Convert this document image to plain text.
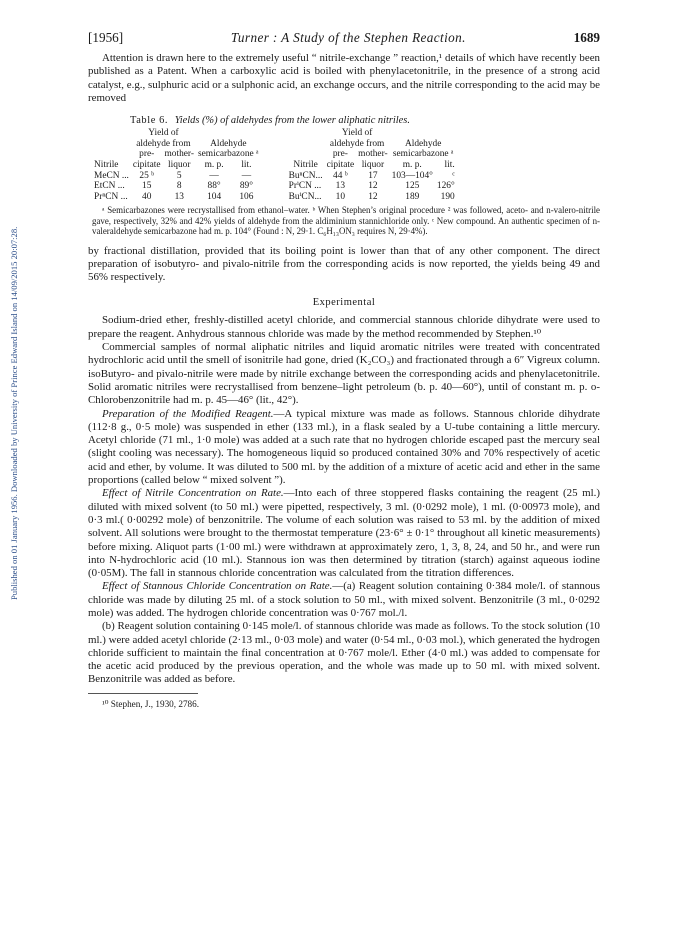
Published on 01 January 1956. Downloaded by University of Prince Edward Island on 14/09/2015 20:07:28.
[1956]	Turner : A Study of the Stephen Reaction.	1689

Attention is drawn here to the extremely useful “ nitrile-exchange ” reaction,¹ details of which have recently been published as a Patent. When a carboxylic acid is boiled with phenylacetonitrile, in the presence of a strong acid catalyst, e.g., sulphuric acid or a sulphonic acid, an exchange occurs, and the nitrile corresponding to the acid may be removed

Table 6. Yields (%) of aldehydes from the lower aliphatic nitriles.
	Yield of						Yield of			
	aldehyde from		Aldehyde				aldehyde from		Aldehyde	
	pre-	mother-	semicarbazone ᵃ				pre-	mother-	semicarbazone ᵃ	
Nitrile	cipitate	liquor	m. p.	lit.		Nitrile	cipitate	liquor	m. p.	lit.
MeCN ...	25 ᵇ	5	—	—		BuⁿCN...	44 ᵇ	17	103—104°	ᶜ
EtCN ...	15	8	88°	89°		PrⁱCN ...	13	12	125	126°
PrⁿCN ...	40	13	104	106		BuⁱCN...	10	12	189	190
ᵃ Semicarbazones were recrystallised from ethanol–water. ᵇ When Stephen’s original procedure ² was followed, aceto- and n-valero-nitrile gave, respectively, 32% and 42% yields of aldehyde from the aldiminium stannichloride only. ᶜ New compound. An authentic specimen of n-valeraldehyde semicarbazone had m. p. 104° (Found : N, 29·1. C₆H₁₃ON₃ requires N, 29·4%).

by fractional distillation, provided that its boiling point is lower than that of any other component. The direct preparation of isobutyro- and pivalo-nitrile from the corresponding acids is now reported, the yields being 49 and 56% respectively.

Experimental

Sodium-dried ether, freshly-distilled acetyl chloride, and commercial stannous chloride dihydrate were used to prepare the reagent. Anhydrous stannous chloride was made by the method recommended by Stephen.¹⁰

Commercial samples of normal aliphatic nitriles and liquid aromatic nitriles were treated with concentrated hydrochloric acid until the smell of isonitrile had gone, dried (K₂CO₃) and fractionated through a 6″ Vigreux column. isoButyro- and pivalo-nitrile were made by nitrile exchange between the corresponding acids and phenylacetonitrile. Solid aromatic nitriles were recrystallised from benzene–light petroleum (b. p. 40—60°), until of constant m. p. o-Chlorobenzonitrile had m. p. 45—46° (lit., 42°).

Preparation of the Modified Reagent.—A typical mixture was made as follows. Stannous chloride dihydrate (112·8 g., 0·5 mole) was suspended in ether (133 ml.), in a flask sealed by a U-tube containing a little mercury. Acetyl chloride (71 ml., 1·0 mole) was added at a such rate that no hydrogen chloride escaped past the mercury seal (slight cooling was necessary). The homogeneous liquid so produced contained 30% and 70% respectively of acetic acid and ether, by volume. It was diluted to 500 ml. by the addition of a mixture of acetic acid and ether in the same proportions (called below “ mixed solvent ”).

Effect of Nitrile Concentration on Rate.—Into each of three stoppered flasks containing the reagent (25 ml.) diluted with mixed solvent (to 50 ml.) were pipetted, respectively, 3 ml. (0·0292 mole), 1 ml. (0·00973 mole), and 0·3 ml.( 0·00292 mole) of benzonitrile. The volume of each solution was raised to 53 ml. by the addition of mixed solvent. All solutions were brought to the thermostat temperature (23·6° ± 0·1° throughout all kinetic measurements) before mixing. Aliquot parts (1·00 ml.) were withdrawn at approximately zero, 1, 3, 8, 24, and 50 hr., and were run into N-hydrochloric acid (10 ml.). Stannous ion was then determined by titration (starch) against aqueous iodine (0·05M). The fall in stannous chloride concentration was calculated from the titration differences.

Effect of Stannous Chloride Concentration on Rate.—(a) Reagent solution containing 0·384 mole/l. of stannous chloride was made by diluting 25 ml. of a stock solution to 50 ml., with mixed solvent. Benzonitrile (3 ml., 0·0292 mole) was added. The hydrogen chloride concentration was 0·767 mol./l.

(b) Reagent solution containing 0·145 mole/l. of stannous chloride was made as follows. To the stock solution (10 ml.) were added acetyl chloride (2·13 ml., 0·03 mole) and water (0·54 ml., 0·03 mol.), which generated the hydrogen chloride sufficient to maintain the final concentration at 0·767 mole/l. Ether (4·0 ml.) was added to compensate for the acetic acid produced by the previous operation, and the whole was made up to 50 ml. with mixed solvent. Benzonitrile was added as before.

¹⁰ Stephen, J., 1930, 2786.
